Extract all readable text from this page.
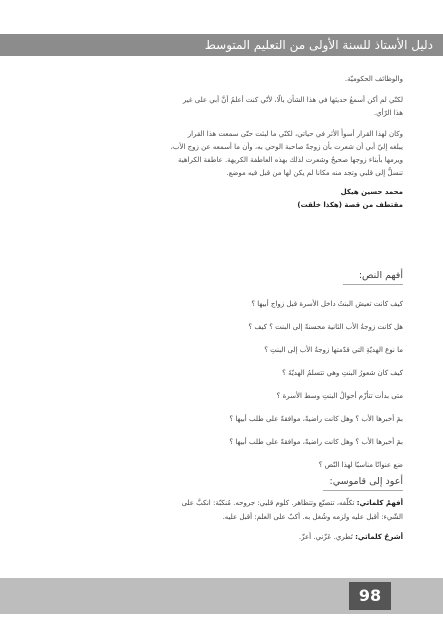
دليل الأستاذ للسنة الأولى من التعليم المتوسط
والوظائف الحكوميّة.
لكنّي لم أكن أسمعُ حديثها في هذا الشأن بالًا، لأنّي كنت أعلمُ أنَّ أبي على غير
هذا الرّأي.
وكان لهذا القرار أسوأُ الأثر في حياتي، لكنّي ما لبثت حتّى سمعت هذا القرار
يبلغه إليّ أبي أن شعرت بأن زوجةً صاحبة الوحي به، وأن ما أسمعه عن زوج الأب،
ويرمها بأبناء زوجها صحيحٌ وشعرت لذلك بهذه العاطفة الكريهة. عاطفة الكراهية
تنسلُّ إلى قلبي وتجد منه مكانا لم يكن لها من قبل فيه موضع.
محمد حسين هيكل
مقتطف من قصة (هكذا خلقت)
أفهم النص:
كيف كانت تعيش البنتُ داخل الأسرة قبل زواج أبيها ؟
هل كانت زوجةُ الأب الثانية محسنةً إلى البنت ؟ كيف ؟
ما نوع الهديّةِ التي قدّمتها زوجةُ الأب إلى البنتِ ؟
كيف كان شعورُ البنتِ وهي تتسلمُ الهديّةَ ؟
متى بدأت تتأزّم أحوالُ البنتِ وسط الأسرة ؟
بمَ أخبرها الأب ؟ وهل كانت راضيةً، موافقةً على طلب أبيها ؟
بمَ أخبرها الأب ؟ وهل كانت راضيةً، موافقةً على طلب أبيها ؟
ضع عنوانًا مناسبًا لهذا النّص ؟
أعود إلى قاموسي:
أفهمُ كلماتي: تكلّفه، تتصنّع وتتظاهر. كلوم قلبي: جروحه. مُنكبّة: انكبَّ على
الشّيء: أقبل عليه ولزمه وشُغل به. أكبّ على العلم: أقبل عليه.
أشرحُ كلماتي: تَطري. عَزّني. أعزّ.
98
